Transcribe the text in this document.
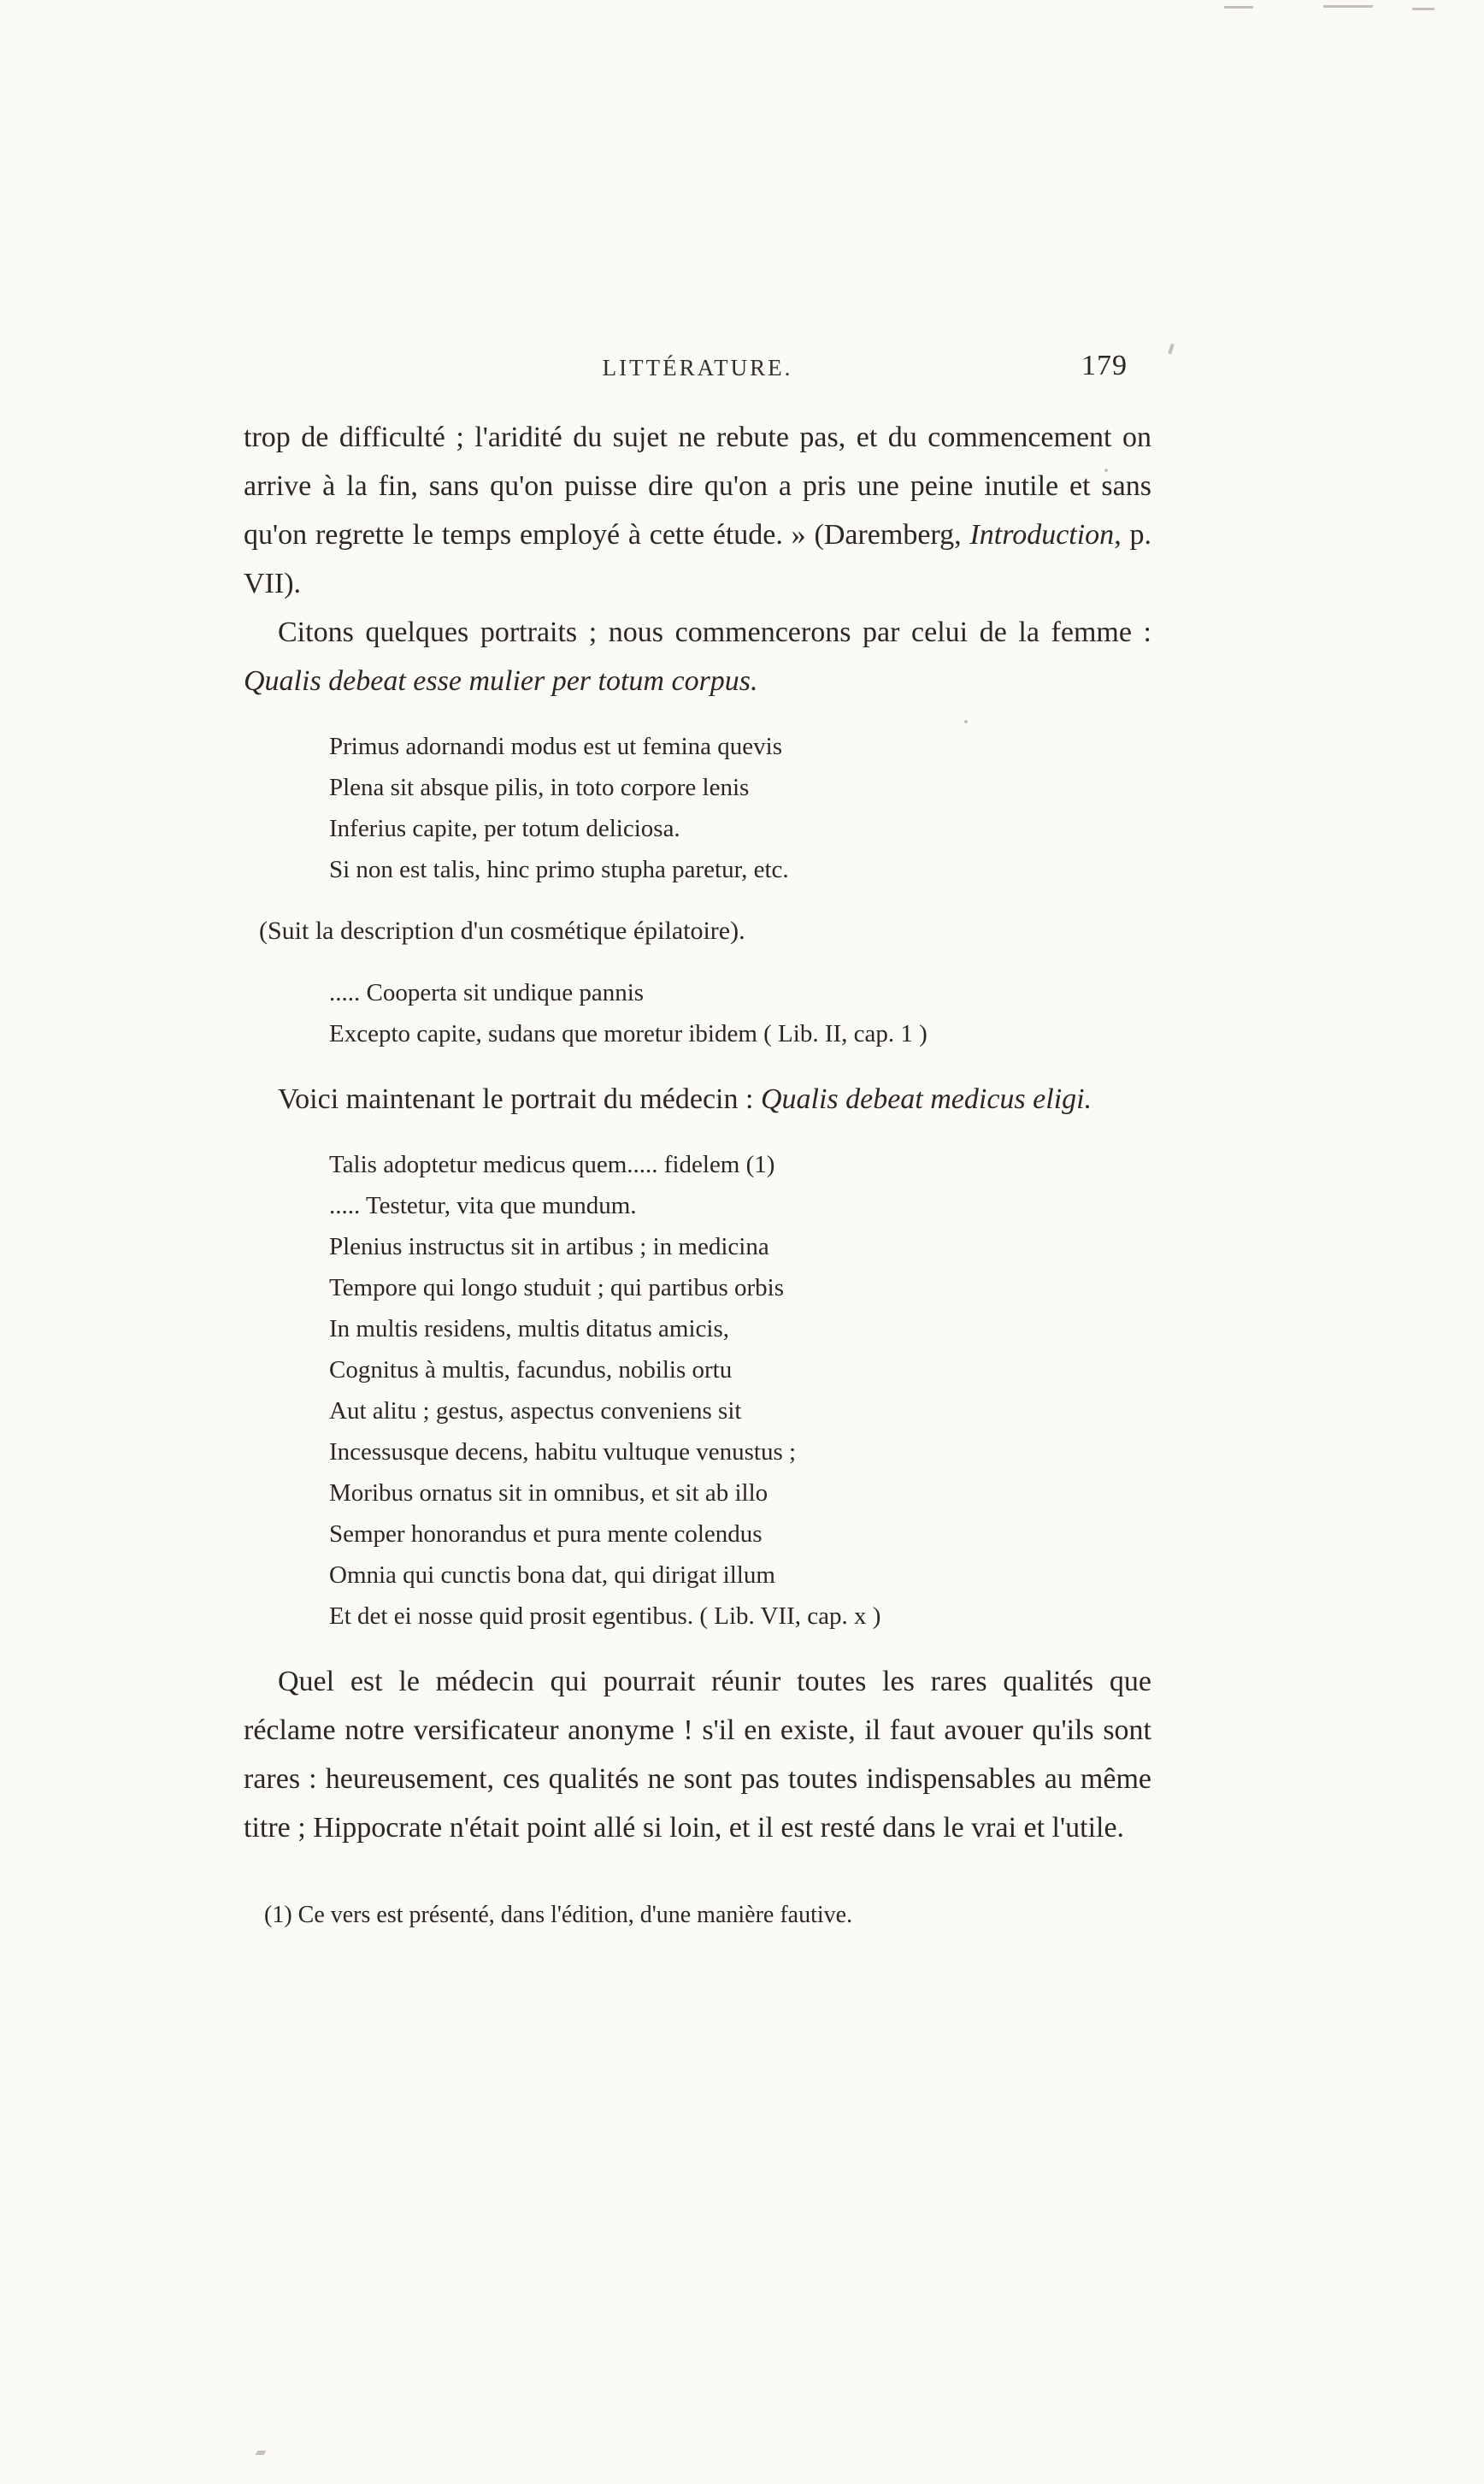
LITTÉRATURE.	179

trop de difficulté ; l'aridité du sujet ne rebute pas, et du commencement on arrive à la fin, sans qu'on puisse dire qu'on a pris une peine inutile et sans qu'on regrette le temps employé à cette étude. » (Daremberg, Introduction, p. VII).

Citons quelques portraits ; nous commencerons par celui de la femme : Qualis debeat esse mulier per totum corpus.

Primus adornandi modus est ut femina quevis
Plena sit absque pilis, in toto corpore lenis
Inferius capite, per totum deliciosa.
Si non est talis, hinc primo stupha paretur, etc.
(Suit la description d'un cosmétique épilatoire).
..... Cooperta sit undique pannis
Excepto capite, sudans que moretur ibidem ( Lib. II, cap. 1 )

Voici maintenant le portrait du médecin : Qualis debeat medicus eligi.

Talis adoptetur medicus quem..... fidelem (1)
..... Testetur, vita que mundum.
Plenius instructus sit in artibus ; in medicina
Tempore qui longo studuit ; qui partibus orbis
In multis residens, multis ditatus amicis,
Cognitus à multis, facundus, nobilis ortu
Aut alitu ; gestus, aspectus conveniens sit
Incessusque decens, habitu vultuque venustus ;
Moribus ornatus sit in omnibus, et sit ab illo
Semper honorandus et pura mente colendus
Omnia qui cunctis bona dat, qui dirigat illum
Et det ei nosse quid prosit egentibus. ( Lib. VII, cap. x )

Quel est le médecin qui pourrait réunir toutes les rares qualités que réclame notre versificateur anonyme ! s'il en existe, il faut avouer qu'ils sont rares : heureusement, ces qualités ne sont pas toutes indispensables au même titre ; Hippocrate n'était point allé si loin, et il est resté dans le vrai et l'utile.

(1) Ce vers est présenté, dans l'édition, d'une manière fautive.
